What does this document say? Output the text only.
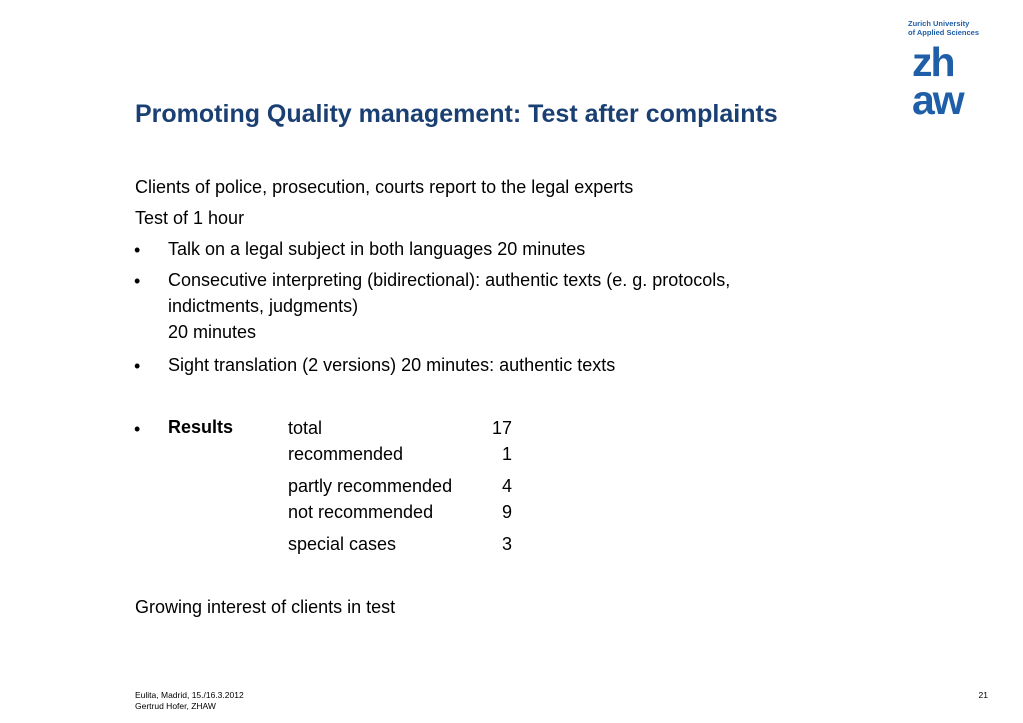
Zurich University
of Applied Sciences
zh
aw
Promoting Quality management: Test after complaints
Clients of police, prosecution, courts report to the legal experts
Test of 1 hour
• Talk on a legal subject in both languages 20 minutes
• Consecutive interpreting (bidirectional): authentic texts (e. g. protocols,
indictments, judgments)
20 minutes
• Sight translation (2 versions) 20 minutes: authentic texts
• Results	total	17
recommended	1
partly recommended	4
not recommended	9
special cases	3
Growing interest of clients in test
Eulita, Madrid, 15./16.3.2012
Gertrud Hofer, ZHAW
21
